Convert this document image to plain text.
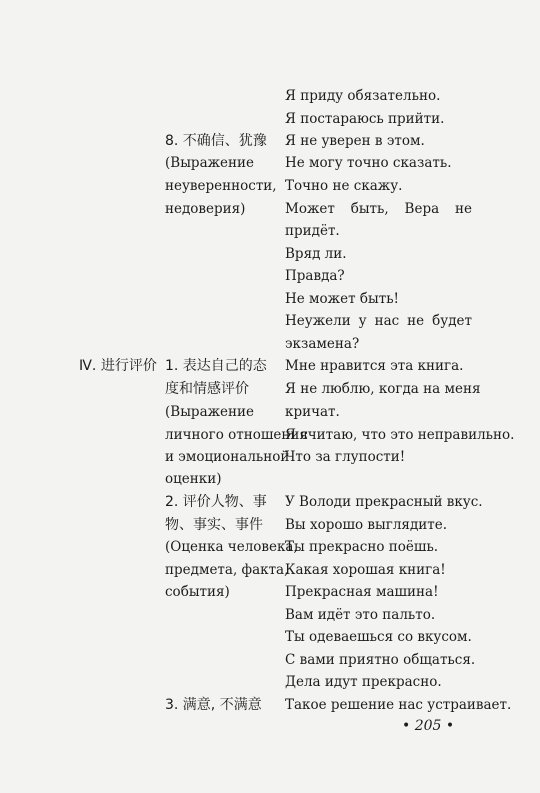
Ⅳ. 进行评价
8. 不确信、犹豫
(Выражение
неуверенности,
недоверия)
1. 表达自己的态
度和情感评价
(Выражение
личного отношения
и эмоциональной
оценки)
2. 评价人物、事
物、事实、事件
(Оценка человека,
предмета, факта,
события)
3. 满意, 不满意
Я приду обязательно.
Я постараюсь прийти.
Я не уверен в этом.
Не могу точно сказать.
Точно не скажу.
Может быть, Вера не
придёт.
Вряд ли.
Правда?
Не может быть!
Неужели у нас не будет
экзамена?
Мне нравится эта книга.
Я не люблю, когда на меня
кричат.
Я считаю, что это неправильно.
Что за глупости!
У Володи прекрасный вкус.
Вы хорошо выглядите.
Ты прекрасно поёшь.
Какая хорошая книга!
Прекрасная машина!
Вам идёт это пальто.
Ты одеваешься со вкусом.
С вами приятно общаться.
Дела идут прекрасно.
Такое решение нас устраивает.
• 205 •
